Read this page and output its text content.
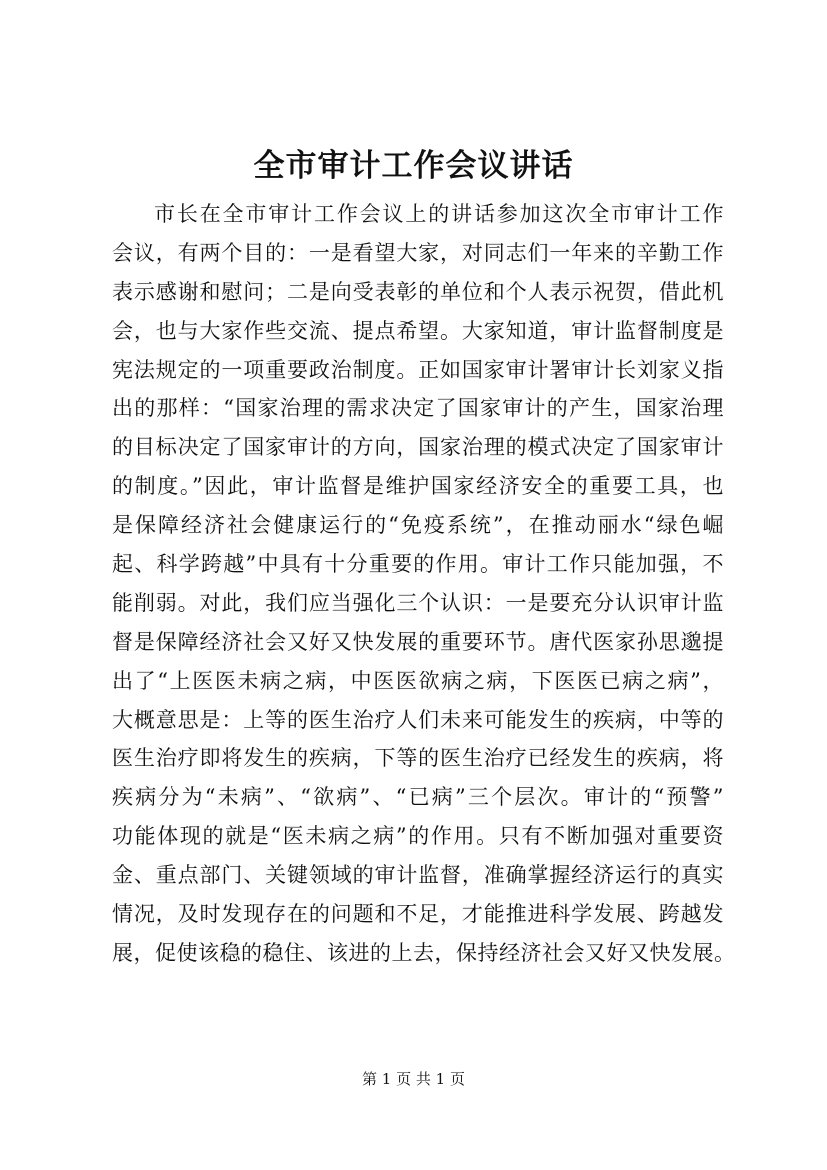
全市审计工作会议讲话
市长在全市审计工作会议上的讲话参加这次全市审计工作
会议，有两个目的：一是看望大家，对同志们一年来的辛勤工作
表示感谢和慰问；二是向受表彰的单位和个人表示祝贺，借此机
会，也与大家作些交流、提点希望。大家知道，审计监督制度是
宪法规定的一项重要政治制度。正如国家审计署审计长刘家义指
出的那样：“国家治理的需求决定了国家审计的产生，国家治理
的目标决定了国家审计的方向，国家治理的模式决定了国家审计
的制度。”因此，审计监督是维护国家经济安全的重要工具，也
是保障经济社会健康运行的“免疫系统”，在推动丽水“绿色崛
起、科学跨越”中具有十分重要的作用。审计工作只能加强，不
能削弱。对此，我们应当强化三个认识：一是要充分认识审计监
督是保障经济社会又好又快发展的重要环节。唐代医家孙思邈提
出了“上医医未病之病，中医医欲病之病，下医医已病之病”，
大概意思是：上等的医生治疗人们未来可能发生的疾病，中等的
医生治疗即将发生的疾病，下等的医生治疗已经发生的疾病，将
疾病分为“未病”、“欲病”、“已病”三个层次。审计的“预警”
功能体现的就是“医未病之病”的作用。只有不断加强对重要资
金、重点部门、关键领域的审计监督，准确掌握经济运行的真实
情况，及时发现存在的问题和不足，才能推进科学发展、跨越发
展，促使该稳的稳住、该进的上去，保持经济社会又好又快发展。
第 1 页 共 1 页
